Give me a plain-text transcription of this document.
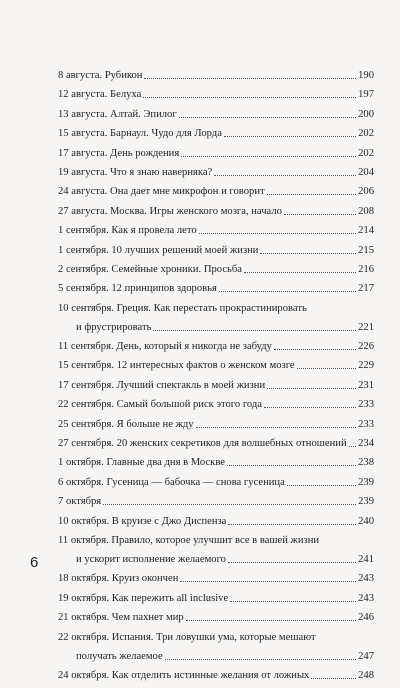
8 августа. Рубикон	190
12 августа. Белуха	197
13 августа. Алтай. Эпилог	200
15 августа. Барнаул. Чудо для Лорда	202
17 августа. День рождения	202
19 августа. Что я знаю наверняка?	204
24 августа. Она дает мне микрофон и говорит	206
27 августа. Москва. Игры женского мозга, начало	208
1 сентября. Как я провела лето	214
1 сентября. 10 лучших решений моей жизни	215
2 сентября. Семейные хроники. Просьба	216
5 сентября. 12 принципов здоровья	217
10 сентября. Греция. Как перестать прокрастинировать
и фрустрировать	221
11 сентября. День, который я никогда не забуду	226
15 сентября. 12 интересных фактов о женском мозге	229
17 сентября. Лучший спектакль в моей жизни	231
22 сентября. Самый большой риск этого года	233
25 сентября. Я больше не жду	233
27 сентября. 20 женских секретиков для волшебных отношений 234
1 октября. Главные два дня в Москве	238
6 октября. Гусеница — бабочка — снова гусеница	239
7 октября	239
10 октября. В круизе с Джо Диспенза	240
11 октября. Правило, которое улучшит все в вашей жизни
и ускорит исполнение желаемого	241
18 октября. Круиз окончен	243
19 октября. Как пережить all inclusive	243
21 октября. Чем пахнет мир	246
22 октября. Испания. Три ловушки ума, которые мешают
получать желаемое	247
24 октября. Как отделить истинные желания от ложных	248
6
